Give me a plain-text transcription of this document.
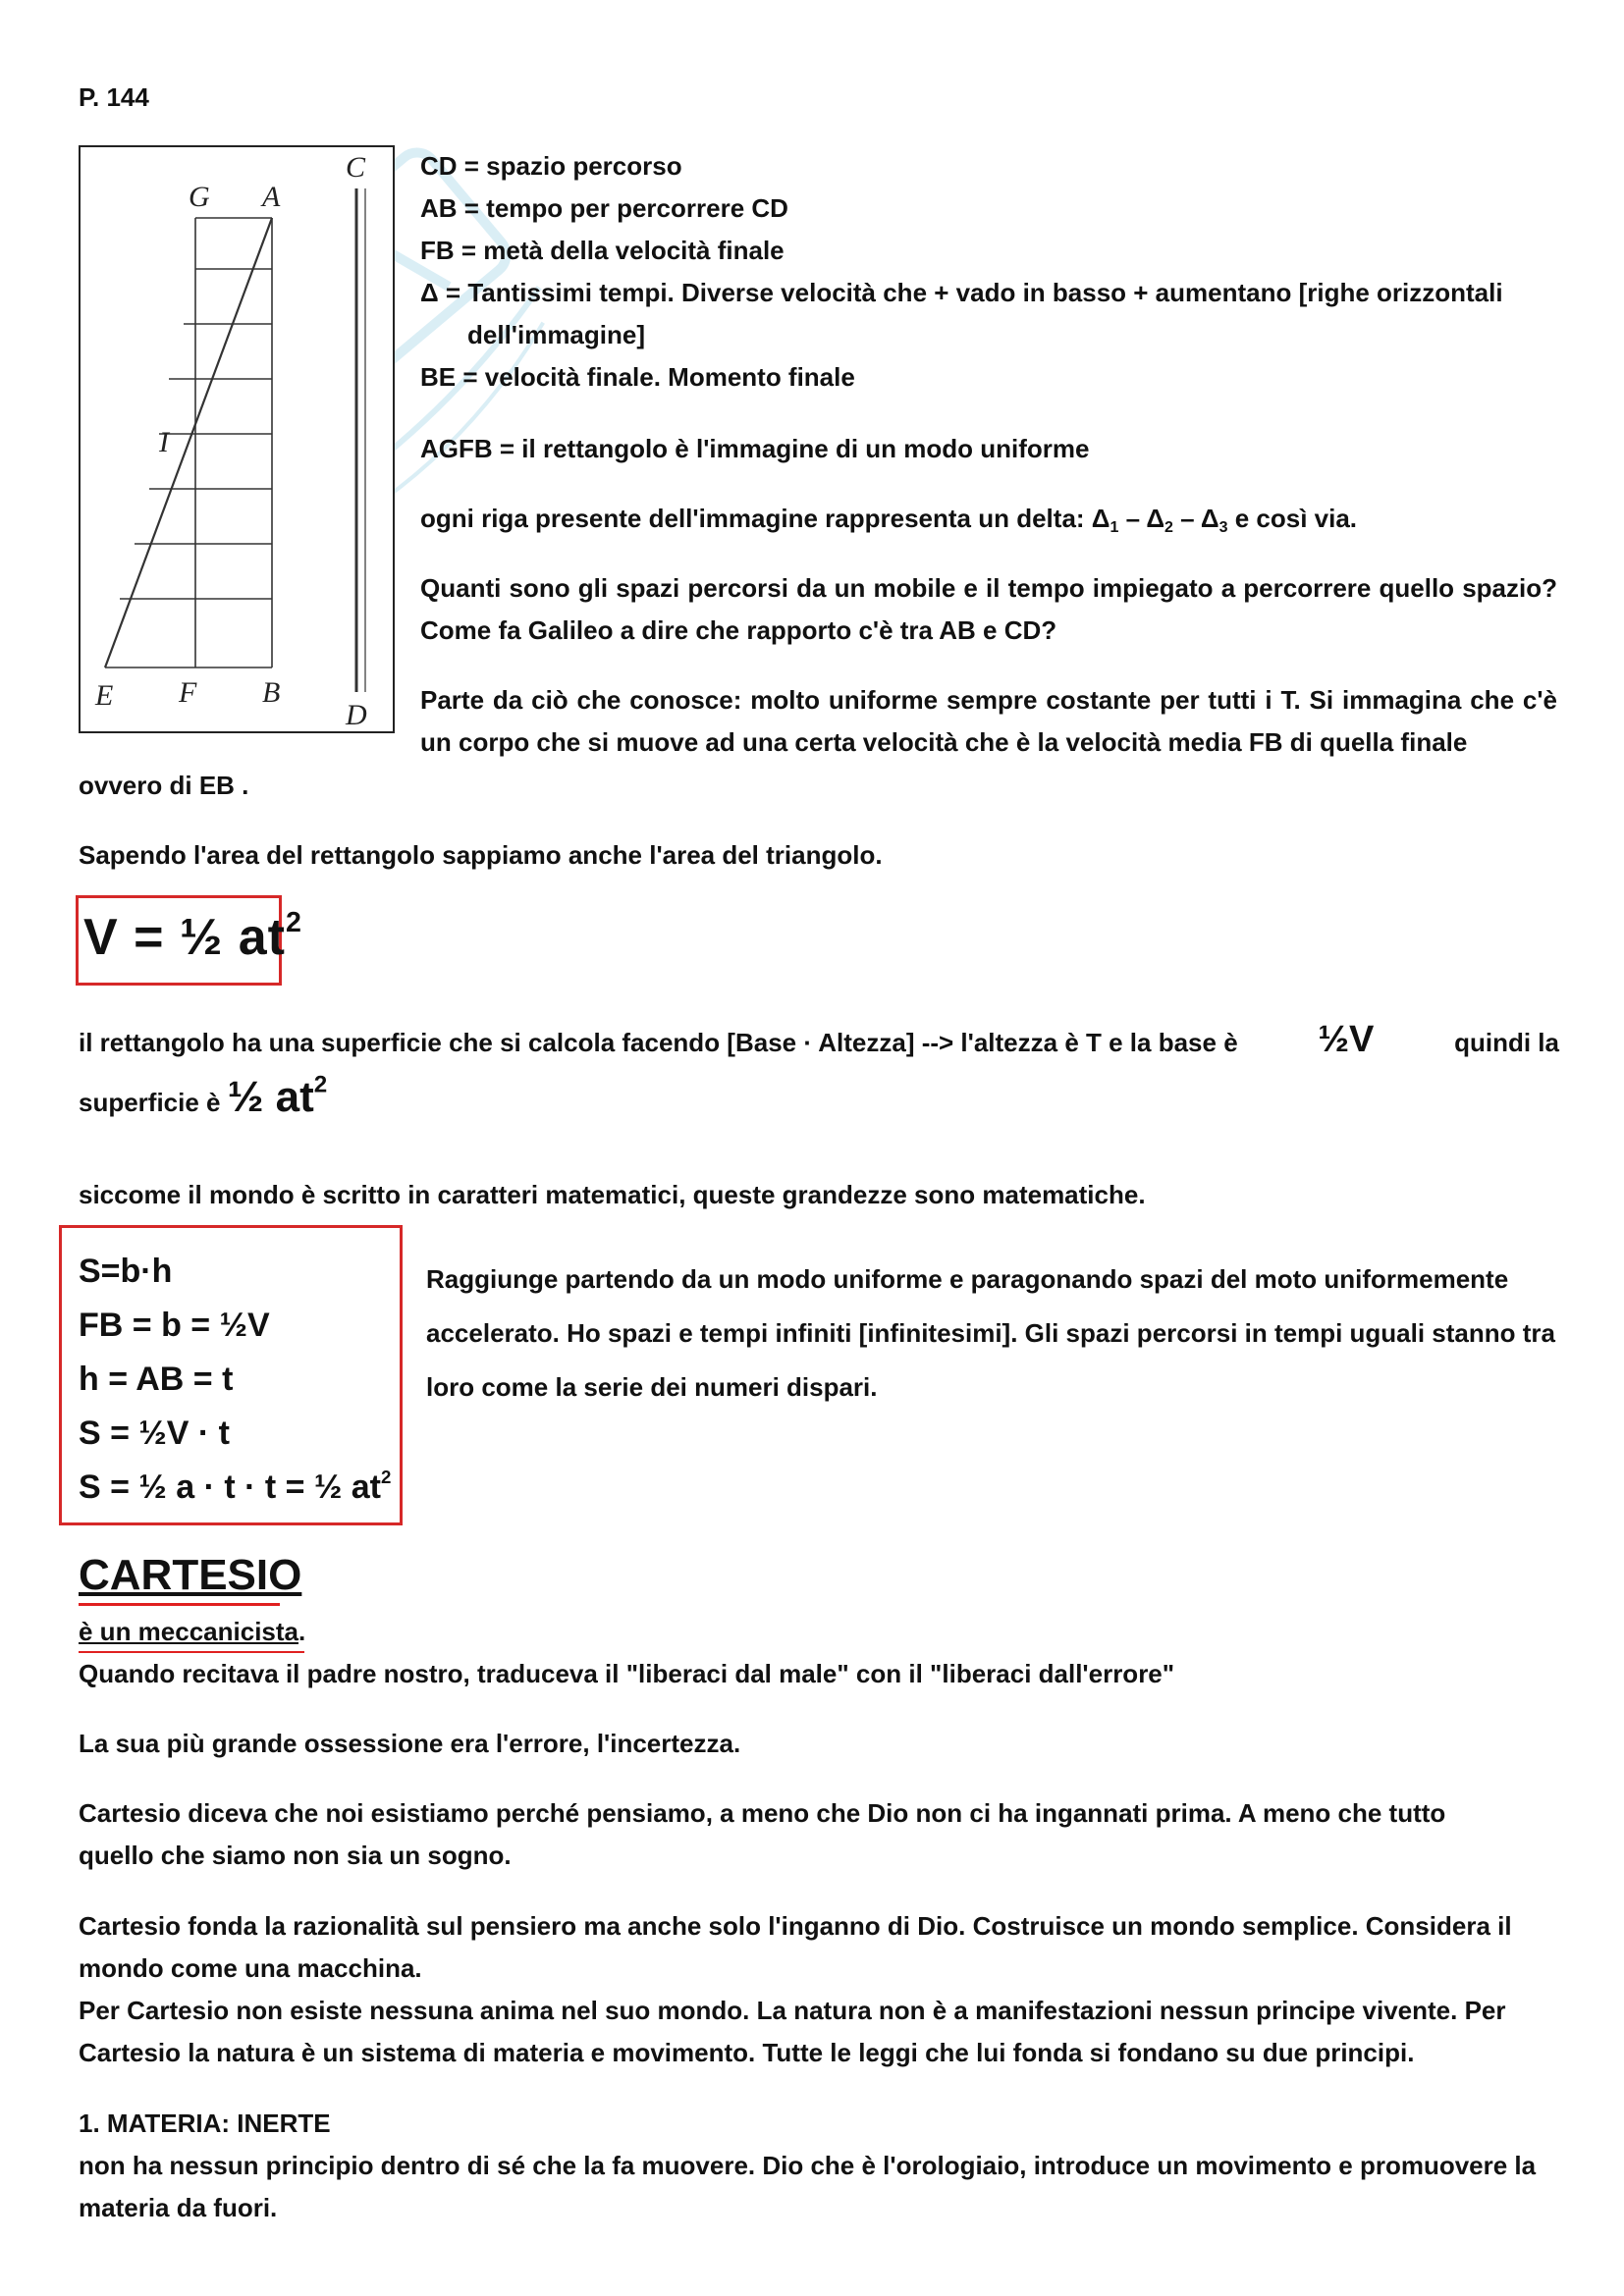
P. 144
G A
C
I
E F B
D
CD = spazio percorso
AB = tempo per percorrere CD
FB = metà della velocità finale
Δ = Tantissimi tempi. Diverse velocità che + vado in basso + aumentano [righe orizzontali
dell'immagine]
BE = velocità finale. Momento finale
AGFB = il rettangolo è l'immagine di un modo uniforme
ogni riga presente dell'immagine rappresenta un delta: $\Delta_1 - \Delta_2 - \Delta_3$ e così via.
Quanti sono gli spazi percorsi da un mobile e il tempo impiegato a percorrere quello spazio? Come fa Galileo a dire che rapporto c'è tra AB e CD?
Parte da ciò che conosce: molto uniforme sempre costante per tutti i T. Si immagina che c'è un corpo che si muove ad una certa velocità che è la velocità media FB di quella finale
ovvero di EB .
Sapendo l'area del rettangolo sappiamo anche l'area del triangolo.
V = ½ $at^2$
il rettangolo ha una superficie che si calcola facendo [Base · Altezza] --> l'altezza è T e la base è ½V	quindi la
superficie è ½ $at^2$
siccome il mondo è scritto in caratteri matematici, queste grandezze sono matematiche.
S=b·h
FB = b = ½V
h = AB = t
S = ½V · t
S = ½ a · t · t = ½ $at^2$
Raggiunge partendo da un modo uniforme e paragonando spazi del moto uniformemente accelerato. Ho spazi e tempi infiniti [infinitesimi]. Gli spazi percorsi in tempi uguali stanno tra loro come la serie dei numeri dispari.
CARTESIO
è un meccanicista.
Quando recitava il padre nostro, traduceva il "liberaci dal male" con il "liberaci dall'errore"
La sua più grande ossessione era l'errore, l'incertezza.
Cartesio diceva che noi esistiamo perché pensiamo, a meno che Dio non ci ha ingannati prima. A meno che tutto quello che siamo non sia un sogno.
Cartesio fonda la razionalità sul pensiero ma anche solo l'inganno di Dio. Costruisce un mondo semplice. Considera il mondo come una macchina.
Per Cartesio non esiste nessuna anima nel suo mondo. La natura non è a manifestazioni nessun principe vivente. Per Cartesio la natura è un sistema di materia e movimento. Tutte le leggi che lui fonda si fondano su due principi.
1. MATERIA: INERTE
non ha nessun principio dentro di sé che la fa muovere. Dio che è l'orologiaio, introduce un movimento e promuovere la materia da fuori.
